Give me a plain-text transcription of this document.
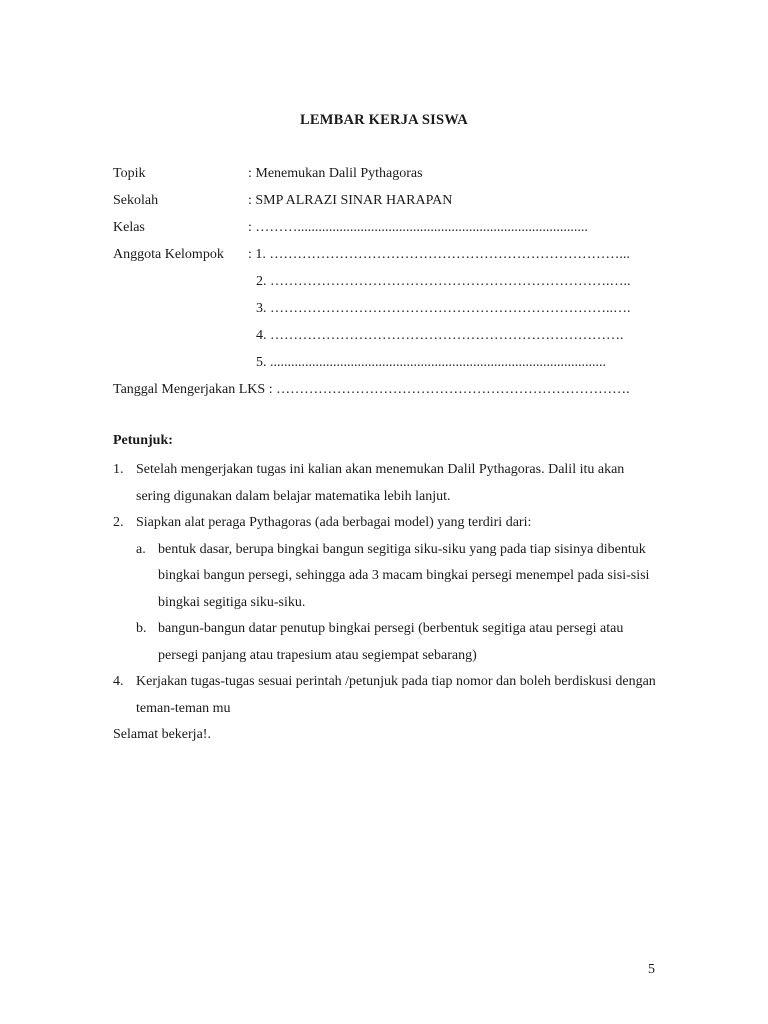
LEMBAR KERJA SISWA
Topik	: Menemukan Dalil Pythagoras
Sekolah	: SMP ALRAZI SINAR HARAPAN
Kelas	: ………...................................................................................
Anggota Kelompok	: 1. …………………………………………………………………...
2. ……………………………………………………………….…..
3. ………………………………………………………………..….
4. ………………………………………………………………….
5. ................................................................................................
Tanggal Mengerjakan LKS : ………………………………………………………………….
Petunjuk:
1. Setelah mengerjakan tugas ini kalian akan menemukan Dalil Pythagoras. Dalil itu akan sering digunakan dalam belajar matematika lebih lanjut.
2. Siapkan alat peraga Pythagoras (ada berbagai model) yang terdiri dari:
a. bentuk dasar, berupa bingkai bangun segitiga siku-siku yang pada tiap sisinya dibentuk bingkai bangun persegi, sehingga ada 3 macam bingkai persegi menempel pada sisi-sisi bingkai segitiga siku-siku.
b. bangun-bangun datar penutup bingkai persegi (berbentuk segitiga atau persegi atau persegi panjang atau trapesium atau segiempat sebarang)
4. Kerjakan tugas-tugas sesuai perintah /petunjuk pada tiap nomor dan boleh berdiskusi dengan teman-teman mu
Selamat bekerja!.
5
